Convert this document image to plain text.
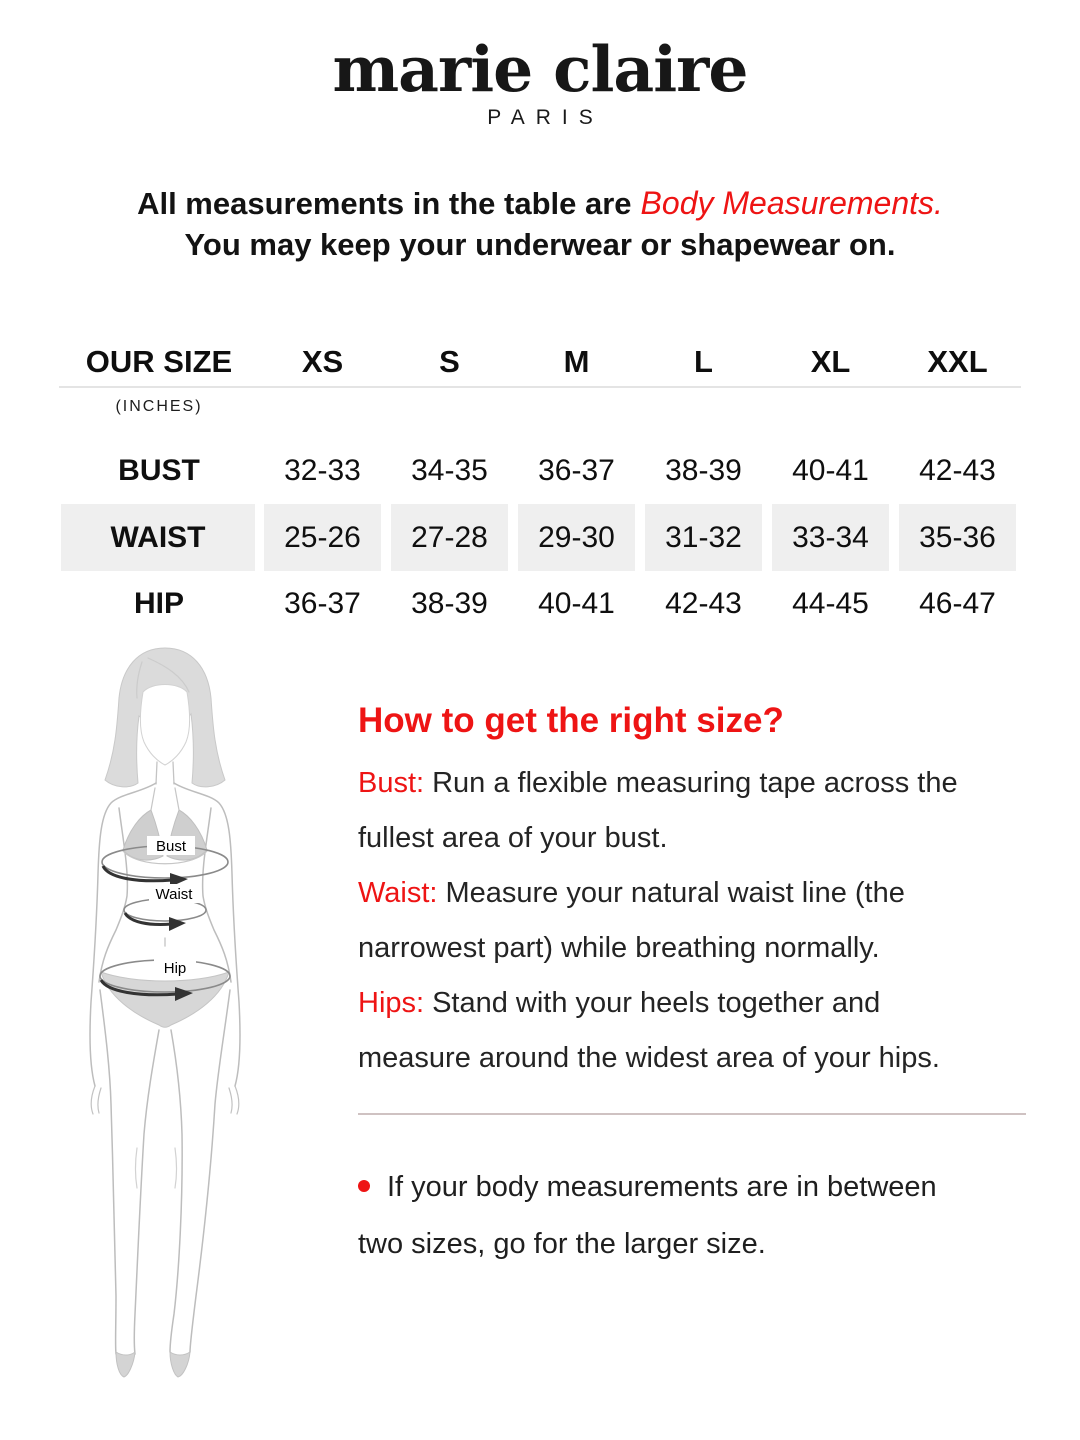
marie claire
PARIS
All measurements in the table are Body Measurements.
You may keep your underwear or shapewear on.
OUR SIZE	XS	S	M	L	XL	XXL
(INCHES)
BUST	32-33	34-35	36-37	38-39	40-41	42-43
WAIST	25-26	27-28	29-30	31-32	33-34	35-36
HIP	36-37	38-39	40-41	42-43	44-45	46-47
Bust
Waist
Hip
How to get the right size?
Bust: Run a flexible measuring tape across the
fullest area of your bust.
Waist: Measure your natural waist line (the
narrowest part) while breathing normally.
Hips: Stand with your heels together and
measure around the widest area of your hips.
If your body measurements are in between
two sizes, go for the larger size.
